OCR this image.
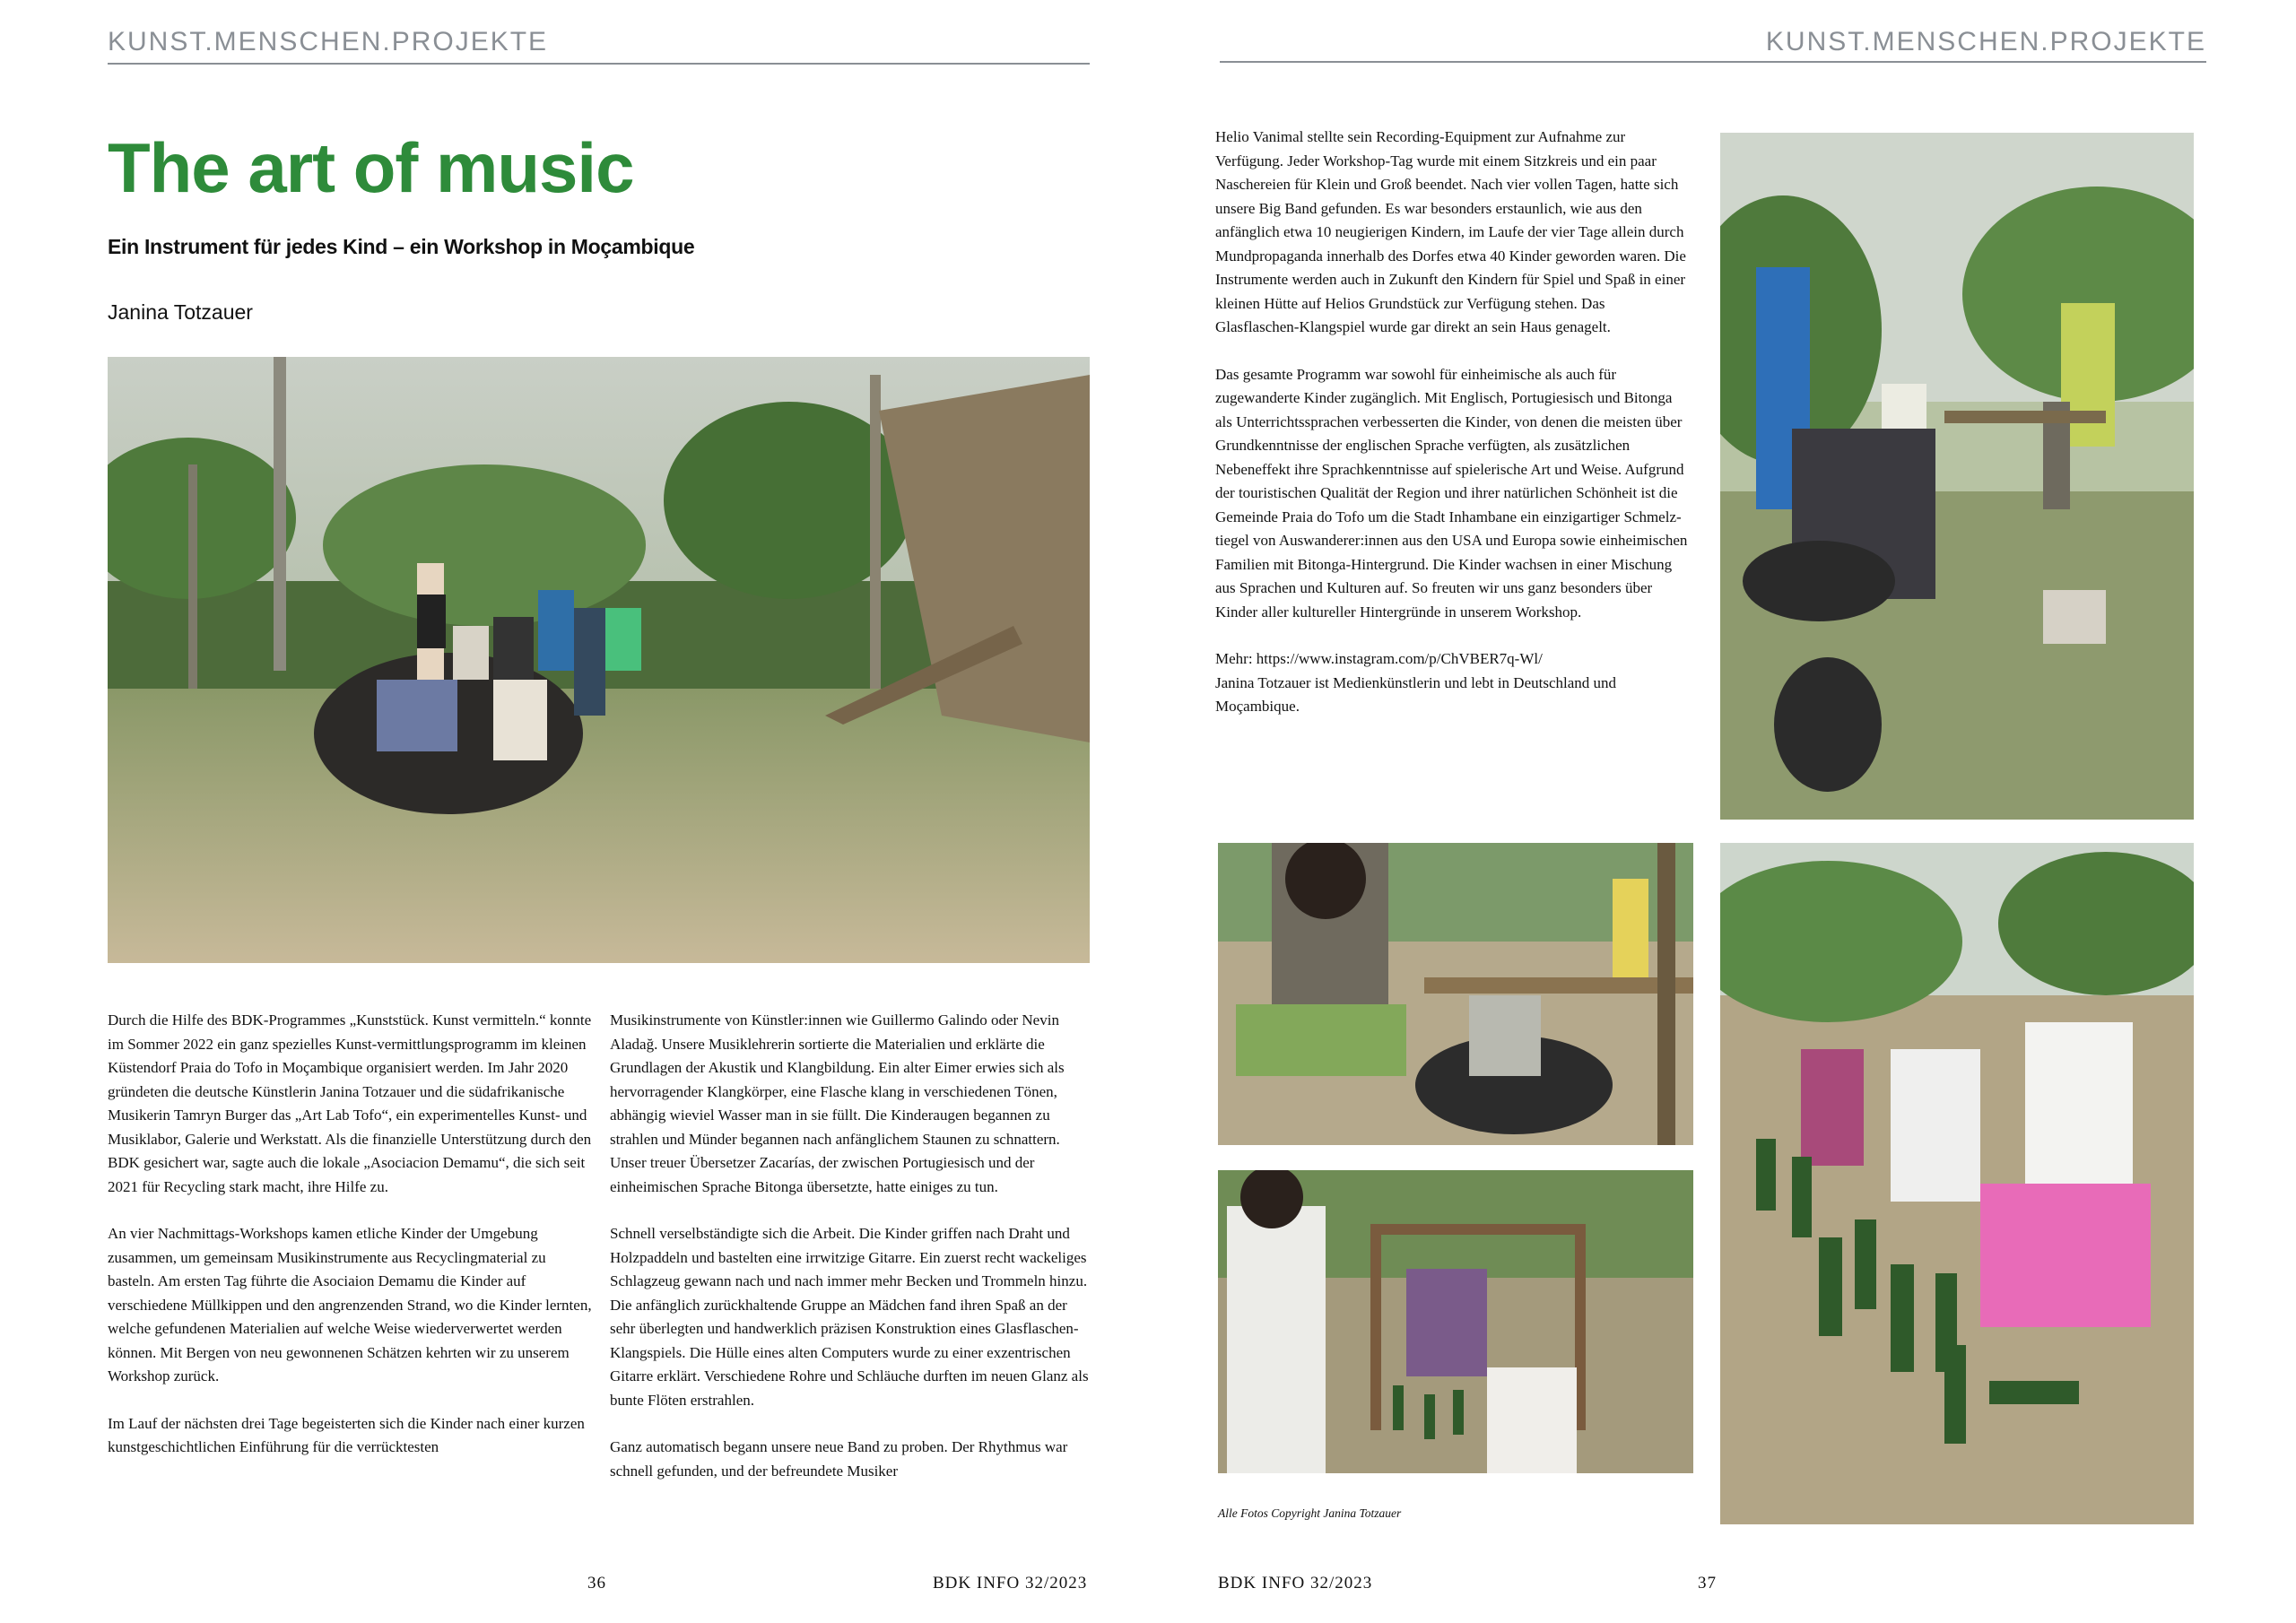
KUNST.MENSCHEN.PROJEKTE	KUNST.MENSCHEN.PROJEKTE
The art of music
Ein Instrument für jedes Kind – ein Workshop in Moçambique
Janina Totzauer

Durch die Hilfe des BDK-Programmes „Kunststück. Kunst vermitteln.“ konnte im Sommer 2022 ein ganz spezielles Kunst-vermittlungsprogramm im kleinen Küstendorf Praia do Tofo in Moçambique organisiert werden. Im Jahr 2020 gründeten die deutsche Künstlerin Janina Totzauer und die südafrikanische Musikerin Tamryn Burger das „Art Lab Tofo“, ein experimentelles Kunst- und Musiklabor, Galerie und Werkstatt. Als die finanzielle Unterstützung durch den BDK gesichert war, sagte auch die lokale „Asociacion Demamu“, die sich seit 2021 für Recycling stark macht, ihre Hilfe zu.

An vier Nachmittags-Workshops kamen etliche Kinder der Umgebung zusammen, um gemeinsam Musikinstrumente aus Recyclingmaterial zu basteln. Am ersten Tag führte die Asociaion Demamu die Kinder auf verschiedene Müllkippen und den angrenzenden Strand, wo die Kinder lernten, welche gefundenen Materialien auf welche Weise wiederverwertet werden können. Mit Bergen von neu gewonnenen Schätzen kehrten wir zu unserem Workshop zurück.

Im Lauf der nächsten drei Tage begeisterten sich die Kinder nach einer kurzen kunstgeschichtlichen Einführung für die verrücktesten

Musikinstrumente von Künstler:innen wie Guillermo Galindo oder Nevin Aladağ. Unsere Musiklehrerin sortierte die Materialien und erklärte die Grundlagen der Akustik und Klangbildung. Ein alter Eimer erwies sich als hervorragender Klangkörper, eine Flasche klang in verschiedenen Tönen, abhängig wieviel Wasser man in sie füllt. Die Kinderaugen begannen zu strahlen und Münder begannen nach anfänglichem Staunen zu schnattern. Unser treuer Übersetzer Zacarías, der zwischen Portugiesisch und der einheimischen Sprache Bitonga übersetzte, hatte einiges zu tun.

Schnell verselbständigte sich die Arbeit. Die Kinder griffen nach Draht und Holzpaddeln und bastelten eine irrwitzige Gitarre. Ein zuerst recht wackeliges Schlagzeug gewann nach und nach immer mehr Becken und Trommeln hinzu. Die anfänglich zurückhaltende Gruppe an Mädchen fand ihren Spaß an der sehr überlegten und handwerklich präzisen Konstruktion eines Glasflaschen-Klangspiels. Die Hülle eines alten Computers wurde zu einer exzentrischen Gitarre erklärt. Verschiedene Rohre und Schläuche durften im neuen Glanz als bunte Flöten erstrahlen.

Ganz automatisch begann unsere neue Band zu proben. Der Rhythmus war schnell gefunden, und der befreundete Musiker

Helio Vanimal stellte sein Recording-Equipment zur Aufnahme zur Verfügung. Jeder Workshop-Tag wurde mit einem Sitzkreis und ein paar Naschereien für Klein und Groß beendet. Nach vier vollen Tagen, hatte sich unsere Big Band gefunden. Es war besonders erstaunlich, wie aus den anfänglich etwa 10 neugierigen Kindern, im Laufe der vier Tage allein durch Mundpropaganda innerhalb des Dorfes etwa 40 Kinder geworden waren. Die Instrumente werden auch in Zukunft den Kindern für Spiel und Spaß in einer kleinen Hütte auf Helios Grundstück zur Verfügung stehen. Das Glasflaschen-Klangspiel wurde gar direkt an sein Haus genagelt.

Das gesamte Programm war sowohl für einheimische als auch für zugewanderte Kinder zugänglich. Mit Englisch, Portugiesisch und Bitonga als Unterrichtssprachen verbesserten die Kinder, von denen die meisten über Grundkenntnisse der englischen Sprache verfügten, als zusätzlichen Nebeneffekt ihre Sprachkenntnisse auf spielerische Art und Weise. Aufgrund der touristischen Qualität der Region und ihrer natürlichen Schönheit ist die Gemeinde Praia do Tofo um die Stadt Inhambane ein einzigartiger Schmelz-tiegel von Auswanderer:innen aus den USA und Europa sowie einheimischen Familien mit Bitonga-Hintergrund. Die Kinder wachsen in einer Mischung aus Sprachen und Kulturen auf. So freuten wir uns ganz besonders über Kinder aller kultureller Hintergründe in unserem Workshop.

Mehr: https://www.instagram.com/p/ChVBER7q-Wl/

Janina Totzauer ist Medienkünstlerin und lebt in Deutschland und Moçambique.

Alle Fotos Copyright Janina Totzauer
36	BDK INFO 32/2023	BDK INFO 32/2023	37
